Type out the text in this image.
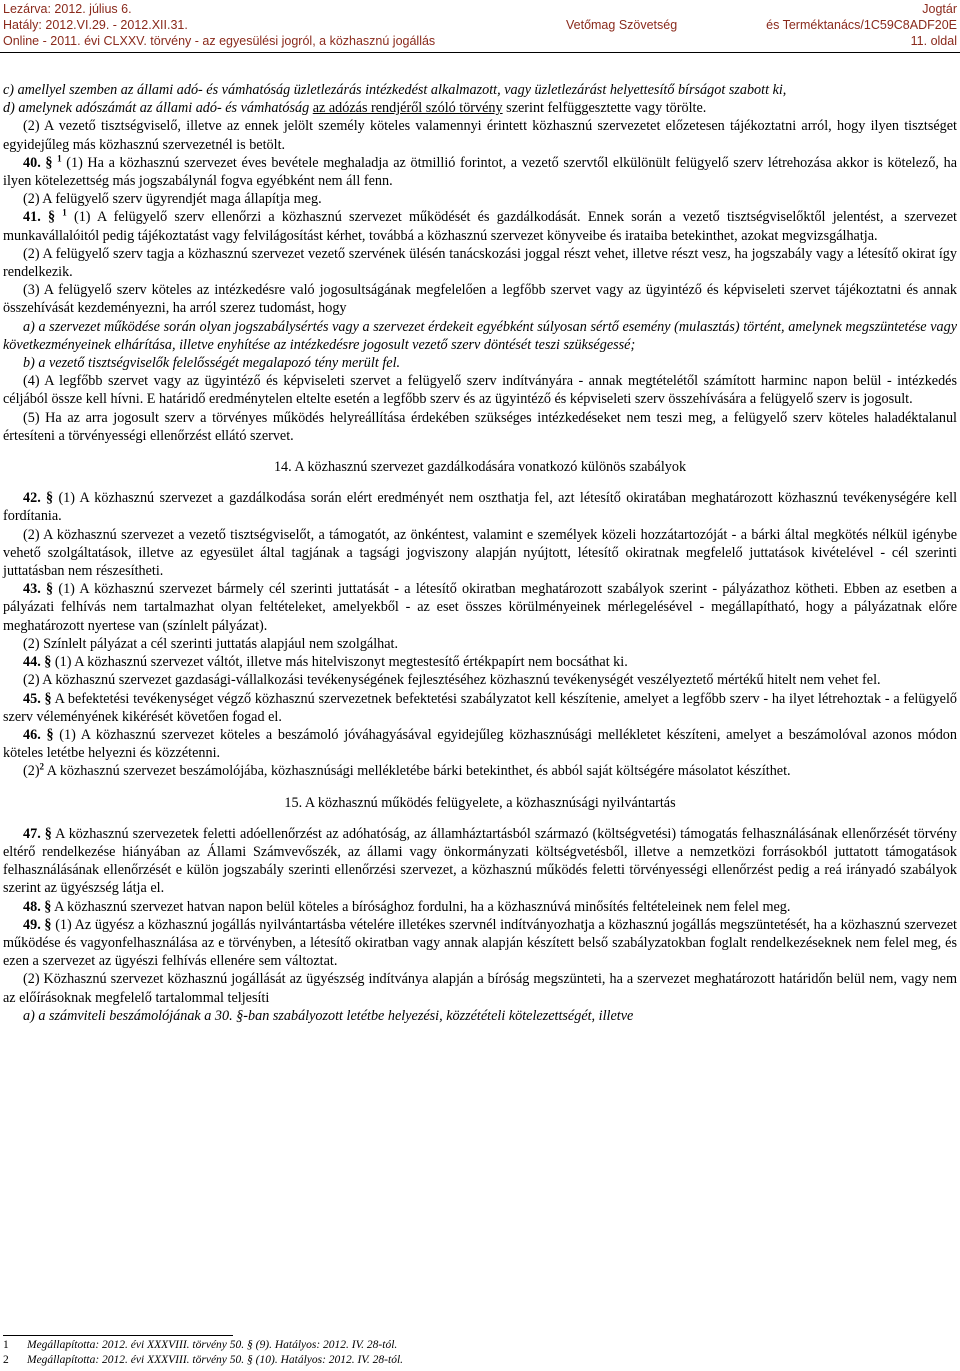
Lezárva: 2012. július 6.
Hatály: 2012.VI.29. - 2012.XII.31.
Online - 2011. évi CLXXV. törvény - az egyesülési jogról, a közhasznú jogállás
Vetőmag Szövetség
Jogtár
és Terméktanács/1C59C8ADF20E
11. oldal

c) amellyel szemben az állami adó- és vámhatóság üzletlezárás intézkedést alkalmazott, vagy üzletlezárást helyettesítő bírságot szabott ki,

d) amelynek adószámát az állami adó- és vámhatóság az adózás rendjéről szóló törvény szerint felfüggesztette vagy törölte.

(2) A vezető tisztségviselő, illetve az ennek jelölt személy köteles valamennyi érintett közhasznú szervezetet előzetesen tájékoztatni arról, hogy ilyen tisztséget egyidejűleg más közhasznú szervezetnél is betölt.

40. § $^1$ (1) Ha a közhasznú szervezet éves bevétele meghaladja az ötmillió forintot, a vezető szervtől elkülönült felügyelő szerv létrehozása akkor is kötelező, ha ilyen kötelezettség más jogszabálynál fogva egyébként nem áll fenn.

(2) A felügyelő szerv ügyrendjét maga állapítja meg.

41. § $^1$ (1) A felügyelő szerv ellenőrzi a közhasznú szervezet működését és gazdálkodását. Ennek során a vezető tisztségviselőktől jelentést, a szervezet munkavállalóitól pedig tájékoztatást vagy felvilágosítást kérhet, továbbá a közhasznú szervezet könyveibe és irataiba betekinthet, azokat megvizsgálhatja.

(2) A felügyelő szerv tagja a közhasznú szervezet vezető szervének ülésén tanácskozási joggal részt vehet, illetve részt vesz, ha jogszabály vagy a létesítő okirat így rendelkezik.

(3) A felügyelő szerv köteles az intézkedésre való jogosultságának megfelelően a legfőbb szervet vagy az ügyintéző és képviseleti szervet tájékoztatni és annak összehívását kezdeményezni, ha arról szerez tudomást, hogy

a) a szervezet működése során olyan jogszabálysértés vagy a szervezet érdekeit egyébként súlyosan sértő esemény (mulasztás) történt, amelynek megszüntetése vagy következményeinek elhárítása, illetve enyhítése az intézkedésre jogosult vezető szerv döntését teszi szükségessé;

b) a vezető tisztségviselők felelősségét megalapozó tény merült fel.

(4) A legfőbb szervet vagy az ügyintéző és képviseleti szervet a felügyelő szerv indítványára - annak megtételétől számított harminc napon belül - intézkedés céljából össze kell hívni. E határidő eredménytelen eltelte esetén a legfőbb szerv és az ügyintéző és képviseleti szerv összehívására a felügyelő szerv is jogosult.

(5) Ha az arra jogosult szerv a törvényes működés helyreállítása érdekében szükséges intézkedéseket nem teszi meg, a felügyelő szerv köteles haladéktalanul értesíteni a törvényességi ellenőrzést ellátó szervet.

14. A közhasznú szervezet gazdálkodására vonatkozó különös szabályok

42. § (1) A közhasznú szervezet a gazdálkodása során elért eredményét nem oszthatja fel, azt létesítő okiratában meghatározott közhasznú tevékenységére kell fordítania.

(2) A közhasznú szervezet a vezető tisztségviselőt, a támogatót, az önkéntest, valamint e személyek közeli hozzátartozóját - a bárki által megkötés nélkül igénybe vehető szolgáltatások, illetve az egyesület által tagjának a tagsági jogviszony alapján nyújtott, létesítő okiratnak megfelelő juttatások kivételével - cél szerinti juttatásban nem részesítheti.

43. § (1) A közhasznú szervezet bármely cél szerinti juttatását - a létesítő okiratban meghatározott szabályok szerint - pályázathoz kötheti. Ebben az esetben a pályázati felhívás nem tartalmazhat olyan feltételeket, amelyekből - az eset összes körülményeinek mérlegelésével - megállapítható, hogy a pályázatnak előre meghatározott nyertese van (színlelt pályázat).

(2) Színlelt pályázat a cél szerinti juttatás alapjául nem szolgálhat.

44. § (1) A közhasznú szervezet váltót, illetve más hitelviszonyt megtestesítő értékpapírt nem bocsáthat ki.

(2) A közhasznú szervezet gazdasági-vállalkozási tevékenységének fejlesztéséhez közhasznú tevékenységét veszélyeztető mértékű hitelt nem vehet fel.

45. § A befektetési tevékenységet végző közhasznú szervezetnek befektetési szabályzatot kell készítenie, amelyet a legfőbb szerv - ha ilyet létrehoztak - a felügyelő szerv véleményének kikérését követően fogad el.

46. § (1) A közhasznú szervezet köteles a beszámoló jóváhagyásával egyidejűleg közhasznúsági mellékletet készíteni, amelyet a beszámolóval azonos módon köteles letétbe helyezni és közzétenni.

$(2)^2$ A közhasznú szervezet beszámolójába, közhasznúsági mellékletébe bárki betekinthet, és abból saját költségére másolatot készíthet.

15. A közhasznú működés felügyelete, a közhasznúsági nyilvántartás

47. § A közhasznú szervezetek feletti adóellenőrzést az adóhatóság, az államháztartásból származó (költségvetési) támogatás felhasználásának ellenőrzését törvény eltérő rendelkezése hiányában az Állami Számvevőszék, az állami vagy önkormányzati költségvetésből, illetve a nemzetközi forrásokból juttatott támogatások felhasználásának ellenőrzését e külön jogszabály szerinti ellenőrzési szervezet, a közhasznú működés feletti törvényességi ellenőrzést pedig a reá irányadó szabályok szerint az ügyészség látja el.

48. § A közhasznú szervezet hatvan napon belül köteles a bírósághoz fordulni, ha a közhasznúvá minősítés feltételeinek nem felel meg.

49. § (1) Az ügyész a közhasznú jogállás nyilvántartásba vételére illetékes szervnél indítványozhatja a közhasznú jogállás megszüntetését, ha a közhasznú szervezet működése és vagyonfelhasználása az e törvényben, a létesítő okiratban vagy annak alapján készített belső szabályzatokban foglalt rendelkezéseknek nem felel meg, és ezen a szervezet az ügyészi felhívás ellenére sem változtat.

(2) Közhasznú szervezet közhasznú jogállását az ügyészség indítványa alapján a bíróság megszünteti, ha a szervezet meghatározott határidőn belül nem, vagy nem az előírásoknak megfelelő tartalommal teljesíti

a) a számviteli beszámolójának a 30. §-ban szabályozott letétbe helyezési, közzétételi kötelezettségét, illetve

1 Megállapította: 2012. évi XXXVIII. törvény 50. § (9). Hatályos: 2012. IV. 28-tól.
2 Megállapította: 2012. évi XXXVIII. törvény 50. § (10). Hatályos: 2012. IV. 28-tól.
